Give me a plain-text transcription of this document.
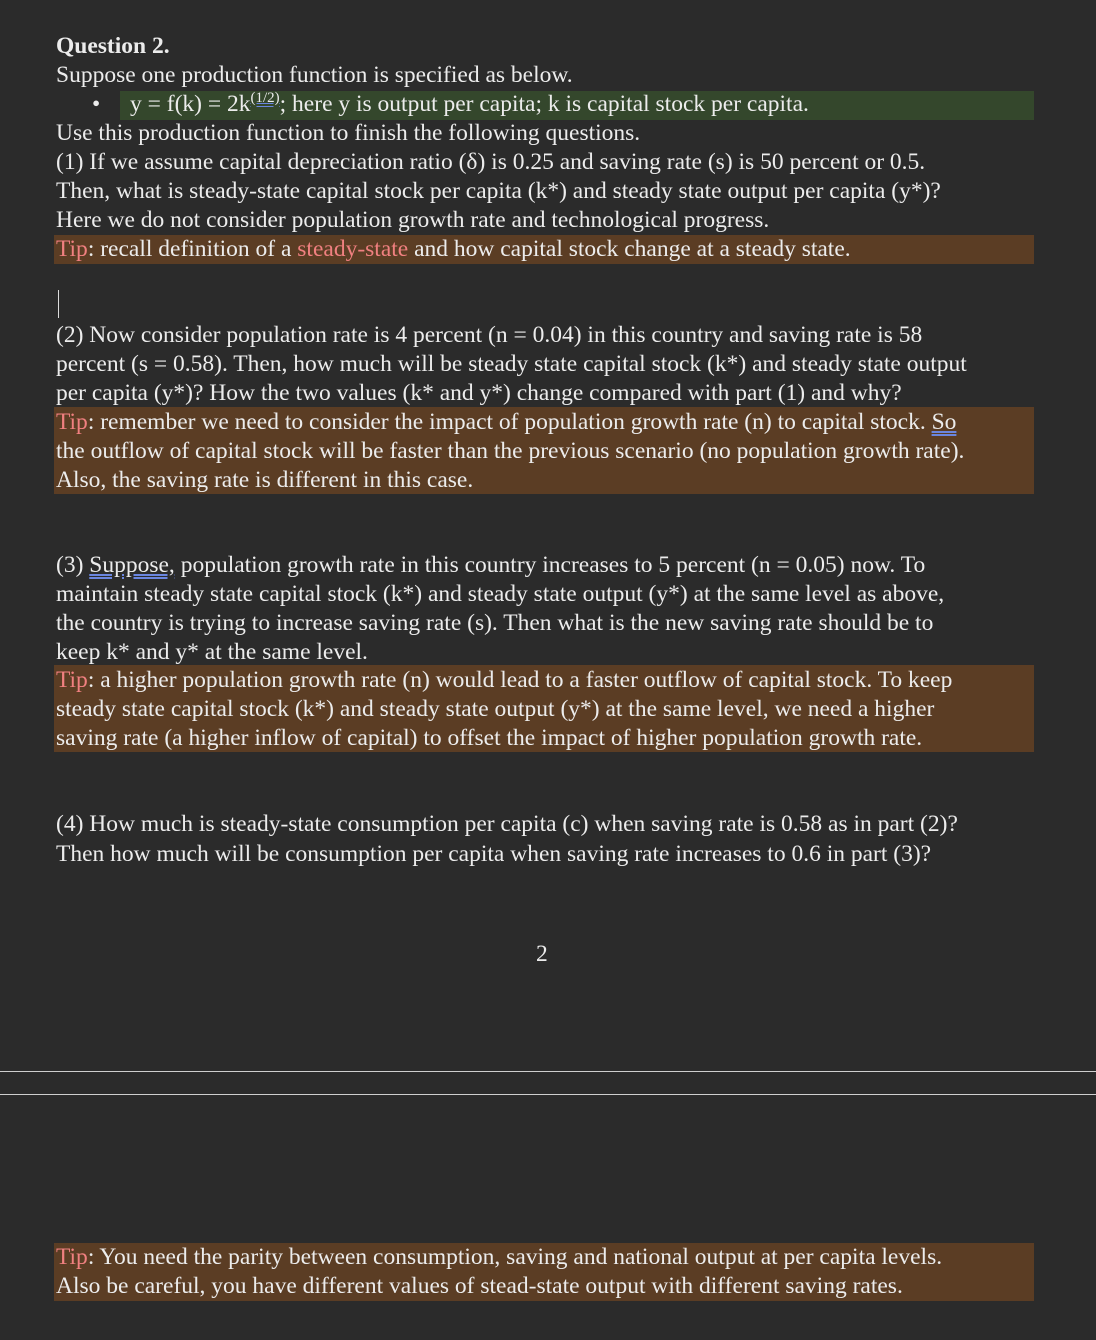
Question 2.
Suppose one production function is specified as below.
• $y = f(k) = 2k^{(1/2)}$; here y is output per capita; k is capital stock per capita.
Use this production function to finish the following questions.
(1) If we assume capital depreciation ratio (δ) is 0.25 and saving rate (s) is 50 percent or 0.5.
Then, what is steady-state capital stock per capita (k*) and steady state output per capita (y*)?
Here we do not consider population growth rate and technological progress.
Tip: recall definition of a steady-state and how capital stock change at a steady state.
(2) Now consider population rate is 4 percent (n = 0.04) in this country and saving rate is 58
percent (s = 0.58). Then, how much will be steady state capital stock (k*) and steady state output
per capita (y*)? How the two values (k* and y*) change compared with part (1) and why?
Tip: remember we need to consider the impact of population growth rate (n) to capital stock. So
the outflow of capital stock will be faster than the previous scenario (no population growth rate).
Also, the saving rate is different in this case.
(3) Suppose, population growth rate in this country increases to 5 percent (n = 0.05) now. To
maintain steady state capital stock (k*) and steady state output (y*) at the same level as above,
the country is trying to increase saving rate (s). Then what is the new saving rate should be to
keep k* and y* at the same level.
Tip: a higher population growth rate (n) would lead to a faster outflow of capital stock. To keep
steady state capital stock (k*) and steady state output (y*) at the same level, we need a higher
saving rate (a higher inflow of capital) to offset the impact of higher population growth rate.
(4) How much is steady-state consumption per capita (c) when saving rate is 0.58 as in part (2)?
Then how much will be consumption per capita when saving rate increases to 0.6 in part (3)?
2
Tip: You need the parity between consumption, saving and national output at per capita levels.
Also be careful, you have different values of stead-state output with different saving rates.
